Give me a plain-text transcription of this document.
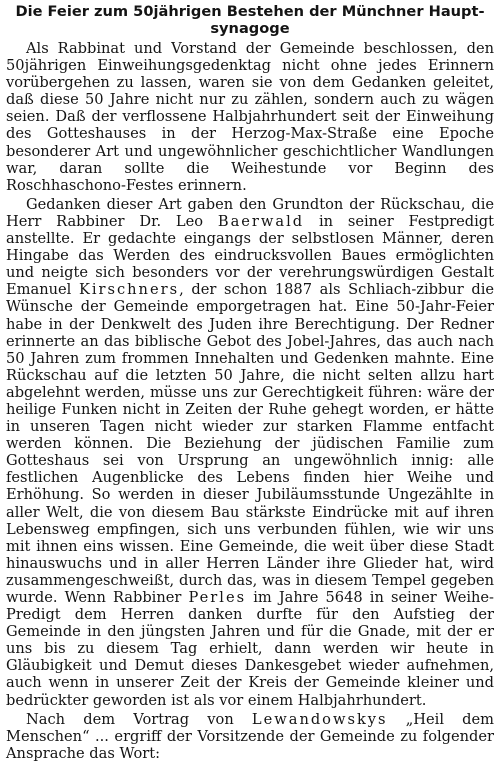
Die Feier zum 50jährigen Bestehen der Münchner Haupt-
synagoge

Als Rabbinat und Vorstand der Gemeinde beschlossen, den 50jährigen Einweihungsgedenktag nicht ohne jedes Erinnern vorübergehen zu lassen, waren sie von dem Gedanken geleitet, daß diese 50 Jahre nicht nur zu zählen, sondern auch zu wägen seien. Daß der verflossene Halbjahrhundert seit der Einweihung des Gotteshauses in der Herzog-Max-Straße eine Epoche besonderer Art und ungewöhnlicher geschichtlicher Wandlungen war, daran sollte die Weihestunde vor Beginn des Roschhaschono-Festes erinnern.

Gedanken dieser Art gaben den Grundton der Rückschau, die Herr Rabbiner Dr. Leo Baerwald in seiner Festpredigt anstellte. Er gedachte eingangs der selbstlosen Männer, deren Hingabe das Werden des eindrucksvollen Baues ermöglichten und neigte sich besonders vor der verehrungswürdigen Gestalt Emanuel Kirschners, der schon 1887 als Schliach-zibbur die Wünsche der Gemeinde emporgetragen hat. Eine 50-Jahr-Feier habe in der Denkwelt des Juden ihre Berechtigung. Der Redner erinnerte an das biblische Gebot des Jobel-Jahres, das auch nach 50 Jahren zum frommen Innehalten und Gedenken mahnte. Eine Rückschau auf die letzten 50 Jahre, die nicht selten allzu hart abgelehnt werden, müsse uns zur Gerechtigkeit führen: wäre der heilige Funken nicht in Zeiten der Ruhe gehegt worden, er hätte in unseren Tagen nicht wieder zur starken Flamme entfacht werden können. Die Beziehung der jüdischen Familie zum Gotteshaus sei von Ursprung an ungewöhnlich innig: alle festlichen Augenblicke des Lebens finden hier Weihe und Erhöhung. So werden in dieser Jubiläumsstunde Ungezählte in aller Welt, die von diesem Bau stärkste Eindrücke mit auf ihren Lebensweg empfingen, sich uns verbunden fühlen, wie wir uns mit ihnen eins wissen. Eine Gemeinde, die weit über diese Stadt hinauswuchs und in aller Herren Länder ihre Glieder hat, wird zusammengeschweißt, durch das, was in diesem Tempel gegeben wurde. Wenn Rabbiner Perles im Jahre 5648 in seiner Weihe-Predigt dem Herren danken durfte für den Aufstieg der Gemeinde in den jüngsten Jahren und für die Gnade, mit der er uns bis zu diesem Tag erhielt, dann werden wir heute in Gläubigkeit und Demut dieses Dankesgebet wieder aufnehmen, auch wenn in unserer Zeit der Kreis der Gemeinde kleiner und bedrückter geworden ist als vor einem Halbjahrhundert.

Nach dem Vortrag von Lewandowskys „Heil dem Menschen“ ... ergriff der Vorsitzende der Gemeinde zu folgender Ansprache das Wort:
